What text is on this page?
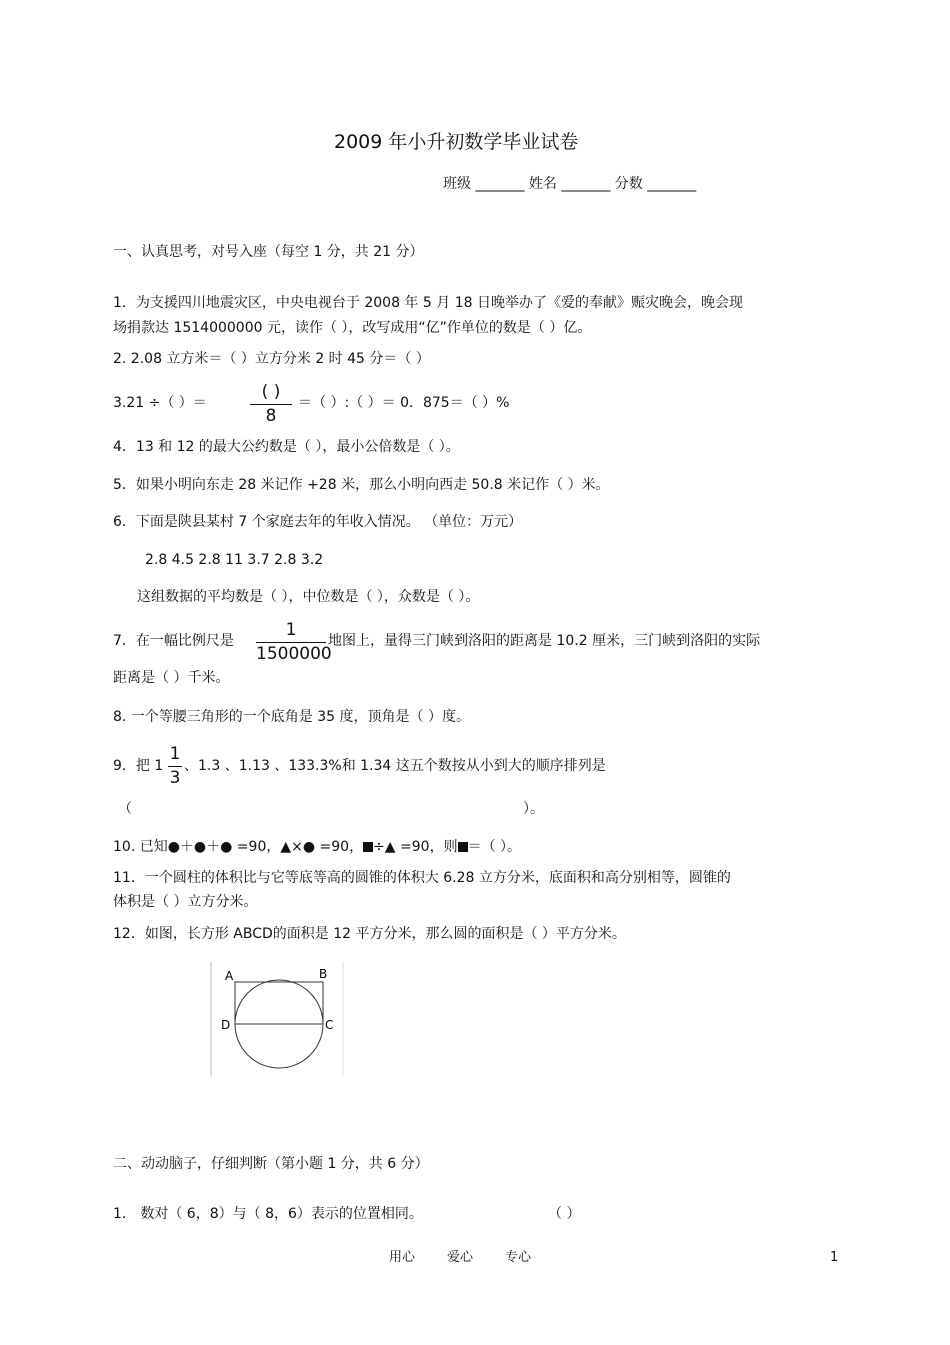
2009 年小升初数学毕业试卷
班级 _______ 姓名 _______ 分数 _______
一、认真思考，对号入座（每空 1 分，共 21 分）
1．为支援四川地震灾区，中央电视台于 2008 年 5 月 18 日晚举办了《爱的奉献》赈灾晚会，晚会现
场捐款达 1514000000 元，读作（ ），改写成用“亿”作单位的数是（ ）亿。
2. 2.08 立方米＝（ ）立方分米 2 时 45 分＝（ ）
3.21 ÷（ ）＝
( )
8
＝（ ）:（ ）＝ 0．875＝（ ）%
4．13 和 12 的最大公约数是（ ），最小公倍数是（ ）。
5．如果小明向东走 28 米记作 +28 米，那么小明向西走 50.8 米记作（ ）米。
6．下面是陕县某村 7 个家庭去年的年收入情况。 （单位：万元）
2.8 4.5 2.8 11 3.7 2.8 3.2
这组数据的平均数是（ ），中位数是（ ），众数是（ ）。
7．在一幅比例尺是
1
1500000
地图上，量得三门峡到洛阳的距离是 10.2 厘米，三门峡到洛阳的实际
距离是（ ）千米。
8. 一个等腰三角形的一个底角是 35 度，顶角是（ ）度。
9．把 1
1
3
、1.3 、1.13 、133.3%和 1.34 这五个数按从小到大的顺序排列是
（	）。
10. 已知●＋●＋● =90，▲×● =90， ÷▲ =90，则 ＝（ ）。
11．一个圆柱的体积比与它等底等高的圆锥的体积大 6.28 立方分米，底面积和高分别相等，圆锥的
体积是（ ）立方分米。
12．如图，长方形 ABCD的面积是 12 平方分米，那么圆的面积是（ ）平方分米。
A	B
C
D
二、动动脑子，仔细判断（第小题 1 分，共 6 分）
1． 数对（ 6，8）与（ 8，6）表示的位置相同。	（ ）
用心 爱心 专心	1
